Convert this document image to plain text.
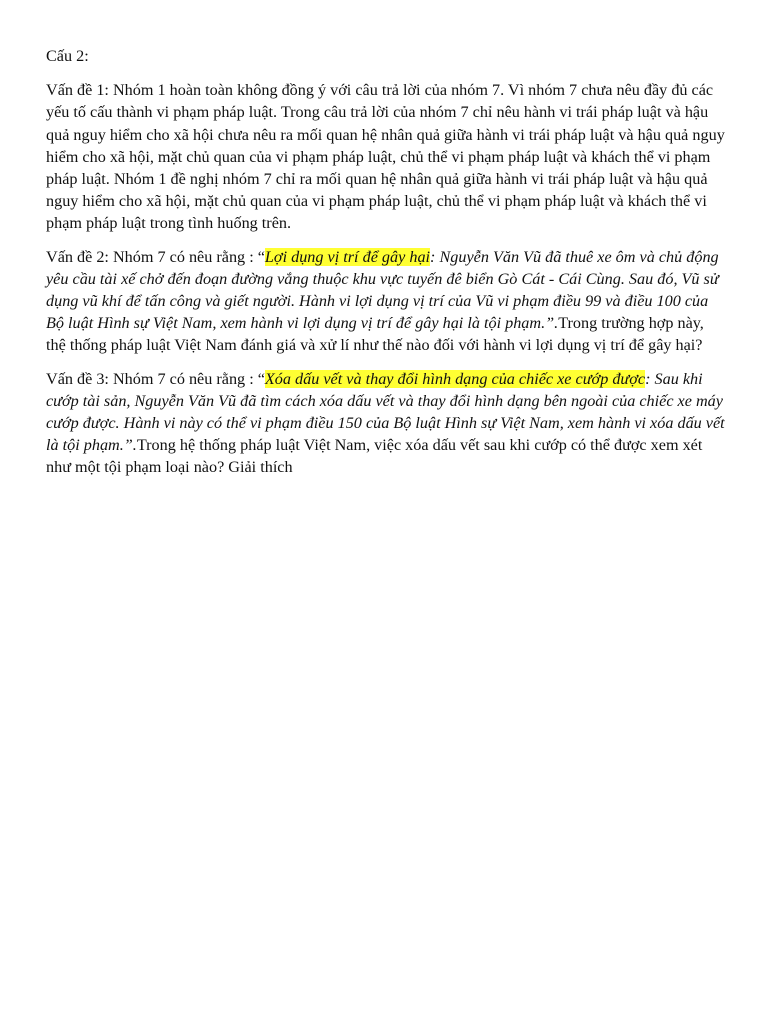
Cấu 2:

Vấn đề 1: Nhóm 1 hoàn toàn không đồng ý với câu trả lời của nhóm 7. Vì nhóm 7 chưa nêu đầy đủ các yếu tố cấu thành vi phạm pháp luật. Trong câu trả lời của nhóm 7 chỉ nêu hành vi trái pháp luật và hậu quả nguy hiểm cho xã hội chưa nêu ra mối quan hệ nhân quả giữa hành vi trái pháp luật và hậu quả nguy hiểm cho xã hội, mặt chủ quan của vi phạm pháp luật, chủ thể vi phạm pháp luật và khách thể vi phạm pháp luật. Nhóm 1 đề nghị nhóm 7 chỉ ra mối quan hệ nhân quả giữa hành vi trái pháp luật và hậu quả nguy hiểm cho xã hội, mặt chủ quan của vi phạm pháp luật, chủ thể vi phạm pháp luật và khách thể vi phạm pháp luật trong tình huống trên.

Vấn đề 2: Nhóm 7 có nêu rằng : “Lợi dụng vị trí để gây hại: Nguyễn Văn Vũ đã thuê xe ôm và chủ động yêu cầu tài xế chở đến đoạn đường vắng thuộc khu vực tuyến đê biển Gò Cát - Cái Cùng. Sau đó, Vũ sử dụng vũ khí để tấn công và giết người. Hành vi lợi dụng vị trí của Vũ vi phạm điều 99 và điều 100 của Bộ luật Hình sự Việt Nam, xem hành vi lợi dụng vị trí để gây hại là tội phạm.”.Trong trường hợp này, thệ thống pháp luật Việt Nam đánh giá và xử lí như thế nào đối với hành vi lợi dụng vị trí để gây hại?

Vấn đề 3: Nhóm 7 có nêu rằng : “Xóa dấu vết và thay đổi hình dạng của chiếc xe cướp được: Sau khi cướp tài sản, Nguyễn Văn Vũ đã tìm cách xóa dấu vết và thay đổi hình dạng bên ngoài của chiếc xe máy cướp được. Hành vi này có thể vi phạm điều 150 của Bộ luật Hình sự Việt Nam, xem hành vi xóa dấu vết là tội phạm.”.Trong hệ thống pháp luật Việt Nam, việc xóa dấu vết sau khi cướp có thể được xem xét như một tội phạm loại nào? Giải thích
